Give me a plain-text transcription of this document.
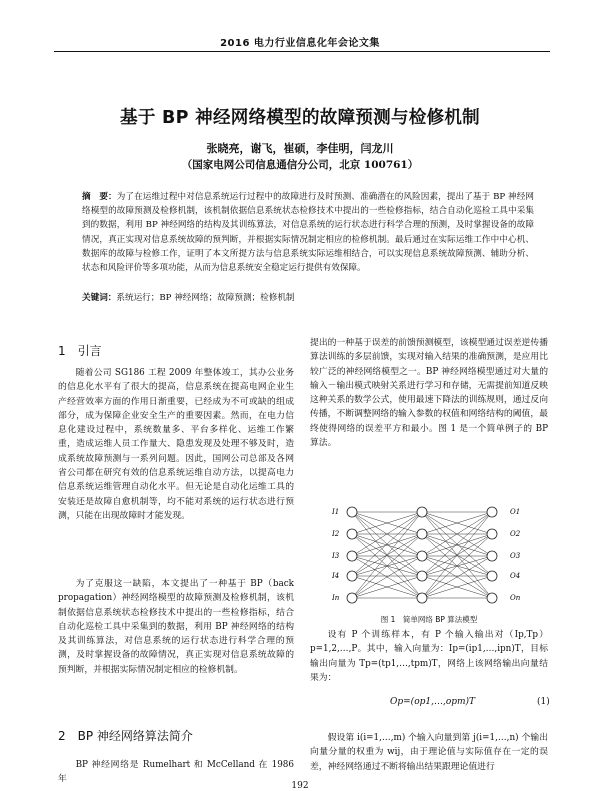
2016 电力行业信息化年会论文集
基于 BP 神经网络模型的故障预测与检修机制
张晓亮，谢飞，崔硕，李佳明，闫龙川
（国家电网公司信息通信分公司，北京 100761）
摘　要：为了在运维过程中对信息系统运行过程中的故障进行及时预测、准确潜在的风险因素，提出了基于 BP 神经网络模型的故障预测及检修机制，该机制依据信息系统状态检修技术中提出的一些检修指标，结合自动化巡检工具中采集到的数据，利用 BP 神经网络的结构及其训练算法，对信息系统的运行状态进行科学合理的预测，及时掌握设备的故障情况，真正实现对信息系统故障的预判断，并根据实际情况制定相应的检修机制。最后通过在实际运维工作中中心机、数据库的故障与检修工作，证明了本文所提方法与信息系统实际运维相结合，可以实现信息系统故障预测、辅助分析、状态和风险评价等多项功能，从而为信息系统安全稳定运行提供有效保障。
关键词：系统运行；BP 神经网络；故障预测；检修机制
1　引言

随着公司 SG186 工程 2009 年整体竣工，其办公业务的信息化水平有了很大的提高，信息系统在提高电网企业生产经营效率方面的作用日渐重要，已经成为不可或缺的组成部分，成为保障企业安全生产的重要因素。然而，在电力信息化建设过程中，系统数量多、平台多样化、运维工作繁重，造成运维人员工作量大、隐患发现及处理不够及时，造成系统故障预测与一系列问题。因此，国网公司总部及各网省公司都在研究有效的信息系统运维自动方法，以提高电力信息系统运维管理自动化水平。但无论是自动化运维工具的安装还是故障自愈机制等，均不能对系统的运行状态进行预测，只能在出现故障时才能发现。

为了克服这一缺陷，本文提出了一种基于 BP（back propagation）神经网络模型的故障预测及检修机制，该机制依据信息系统状态检修技术中提出的一些检修指标，结合自动化巡检工具中采集到的数据，利用 BP 神经网络的结构及其训练算法，对信息系统的运行状态进行科学合理的预测，及时掌握设备的故障情况，真正实现对信息系统故障的预判断，并根据实际情况制定相应的检修机制。

2　BP 神经网络算法简介

BP 神经网络是 Rumelhart 和 McCelland 在 1986 年

提出的一种基于误差的前馈预测模型，该模型通过误差逆传播算法训练的多层前馈，实现对输入结果的准确预测，是应用比较广泛的神经网络模型之一。BP 神经网络模型通过对大量的输入－输出模式映射关系进行学习和存储，无需提前知道反映这种关系的数学公式，使用最速下降法的训练规则，通过反向传播，不断调整网络的输入参数的权值和网络结构的阈值，最终使得网络的误差平方和最小。图 1 是一个简单例子的 BP 算法。

I1
I2
I3
I4
In
O1
O2
O3
O4
On
图 1　简单网络 BP 算法模型

设有 P 个训练样本，有 P 个输入输出对（Ip,Tp）p=1,2,…,P。其中，输入向量为：Ip=(ip1,…,ipn)T，目标输出向量为 Tp=(tp1,…,tpm)T，网络上该网络输出向量结果为：

Op=(op1,…,opm)T	(1)

假设第 i(i=1,…,m) 个输入向量到第 j(i=1,…,n) 个输出向量分量的权重为 wij，由于理论值与实际值存在一定的误差，神经网络通过不断将输出结果跟理论值进行

192
